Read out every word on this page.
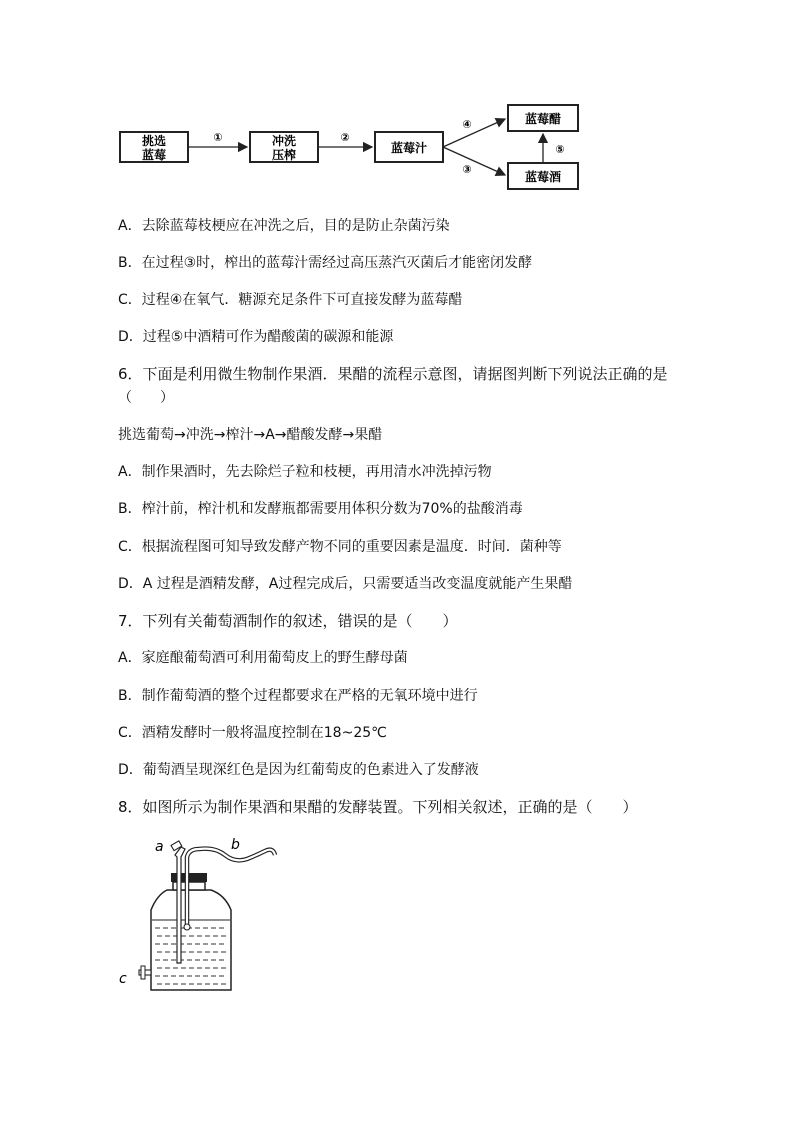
挑选
蓝莓
冲洗
压榨	蓝莓汁
蓝莓醋
蓝莓酒
①	②
④
③
⑤
A．去除蓝莓枝梗应在冲洗之后，目的是防止杂菌污染
B．在过程③时，榨出的蓝莓汁需经过高压蒸汽灭菌后才能密闭发酵
C．过程④在氧气．糖源充足条件下可直接发酵为蓝莓醋
D．过程⑤中酒精可作为醋酸菌的碳源和能源
6．下面是利用微生物制作果酒．果醋的流程示意图，请据图判断下列说法正确的是
（　　）
挑选葡萄→冲洗→榨汁→A→醋酸发酵→果醋
A．制作果酒时，先去除烂子粒和枝梗，再用清水冲洗掉污物
B．榨汁前，榨汁机和发酵瓶都需要用体积分数为70%的盐酸消毒
C．根据流程图可知导致发酵产物不同的重要因素是温度．时间．菌种等
D．A 过程是酒精发酵，A过程完成后，只需要适当改变温度就能产生果醋
7．下列有关葡萄酒制作的叙述，错误的是（　　）
A．家庭酿葡萄酒可利用葡萄皮上的野生酵母菌
B．制作葡萄酒的整个过程都要求在严格的无氧环境中进行
C．酒精发酵时一般将温度控制在18~25℃
D．葡萄酒呈现深红色是因为红葡萄皮的色素进入了发酵液
8．如图所示为制作果酒和果醋的发酵装置。下列相关叙述，正确的是（　　）
a	b
c
